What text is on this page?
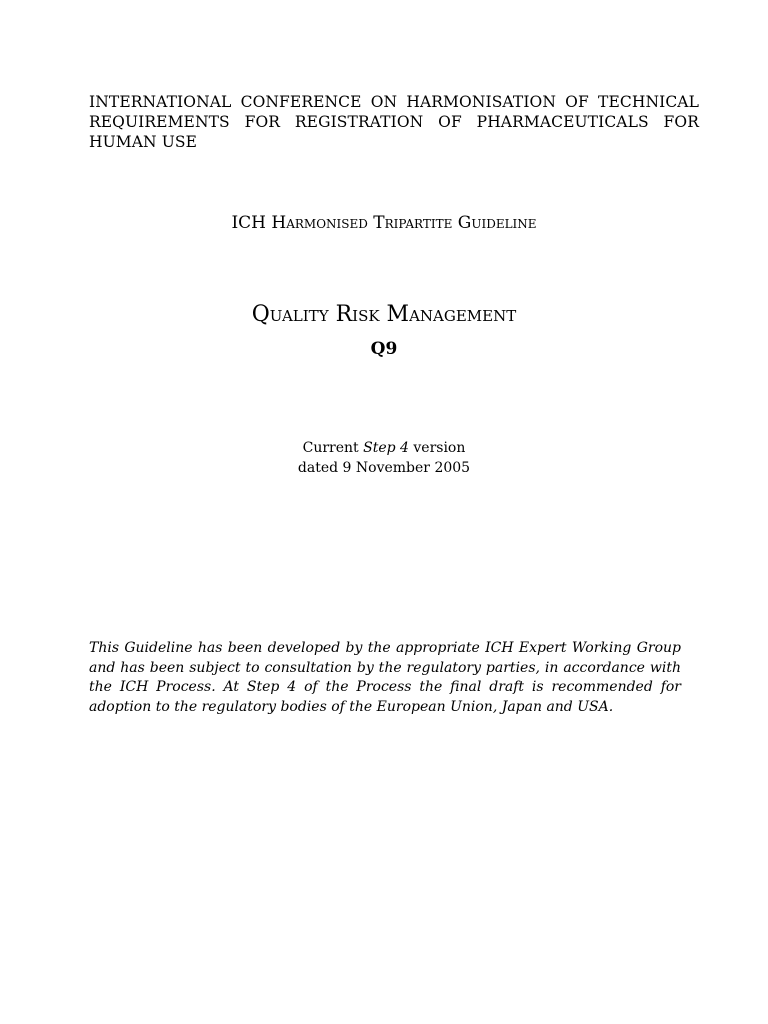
INTERNATIONAL CONFERENCE ON HARMONISATION OF TECHNICAL REQUIREMENTS FOR REGISTRATION OF PHARMACEUTICALS FOR HUMAN USE
ICH Harmonised Tripartite Guideline
Quality Risk Management
Q9
Current Step 4 version
dated 9 November 2005
This Guideline has been developed by the appropriate ICH Expert Working Group and has been subject to consultation by the regulatory parties, in accordance with the ICH Process. At Step 4 of the Process the final draft is recommended for adoption to the regulatory bodies of the European Union, Japan and USA.
